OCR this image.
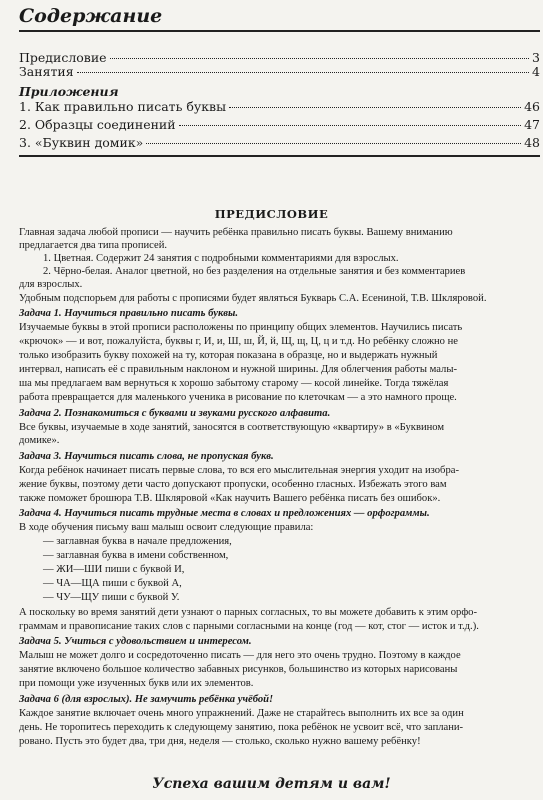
Содержание
Предисловие	3
Занятия	4
Приложения
1. Как правильно писать буквы	46
2. Образцы соединений	47
3. «Буквин домик»	48
ПРЕДИСЛОВИЕ
Главная задача любой прописи — научить ребёнка правильно писать буквы. Вашему вниманию
предлагается два типа прописей.
1. Цветная. Содержит 24 занятия с подробными комментариями для взрослых.
2. Чёрно-белая. Аналог цветной, но без разделения на отдельные занятия и без комментариев
для взрослых.
Удобным подспорьем для работы с прописями будет являться Букварь С.А. Есениной, Т.В. Шкляровой.
Задача 1. Научиться правильно писать буквы.
Изучаемые буквы в этой прописи расположены по принципу общих элементов. Научились писать
«крючок» — и вот, пожалуйста, буквы г, И, и, Ш, ш, Й, й, Щ, щ, Ц, ц и т.д. Но ребёнку сложно не
только изобразить букву похожей на ту, которая показана в образце, но и выдержать нужный
интервал, написать её с правильным наклоном и нужной ширины. Для облегчения работы малы-
ша мы предлагаем вам вернуться к хорошо забытому старому — косой линейке. Тогда тяжёлая
работа превращается для маленького ученика в рисование по клеточкам — а это намного проще.
Задача 2. Познакомиться с буквами и звуками русского алфавита.
Все буквы, изучаемые в ходе занятий, заносятся в соответствующую «квартиру» в «Буквином
домике».
Задача 3. Научиться писать слова, не пропуская букв.
Когда ребёнок начинает писать первые слова, то вся его мыслительная энергия уходит на изобра-
жение буквы, поэтому дети часто допускают пропуски, особенно гласных. Избежать этого вам
также поможет брошюра Т.В. Шкляровой «Как научить Вашего ребёнка писать без ошибок».
Задача 4. Научиться писать трудные места в словах и предложениях — орфограммы.
В ходе обучения письму ваш малыш освоит следующие правила:
— заглавная буква в начале предложения,
— заглавная буква в имени собственном,
— ЖИ—ШИ пиши с буквой И,
— ЧА—ЩА пиши с буквой А,
— ЧУ—ЩУ пиши с буквой У.
А поскольку во время занятий дети узнают о парных согласных, то вы можете добавить к этим орфо-
граммам и правописание таких слов с парными согласными на конце (год — кот, стог — исток и т.д.).
Задача 5. Учиться с удовольствием и интересом.
Малыш не может долго и сосредоточенно писать — для него это очень трудно. Поэтому в каждое
занятие включено большое количество забавных рисунков, большинство из которых нарисованы
при помощи уже изученных букв или их элементов.
Задача 6 (для взрослых). Не замучить ребёнка учёбой!
Каждое занятие включает очень много упражнений. Даже не старайтесь выполнить их все за один
день. Не торопитесь переходить к следующему занятию, пока ребёнок не усвоит всё, что заплани-
ровано. Пусть это будет два, три дня, неделя — столько, сколько нужно вашему ребёнку!
Успеха вашим детям и вам!
